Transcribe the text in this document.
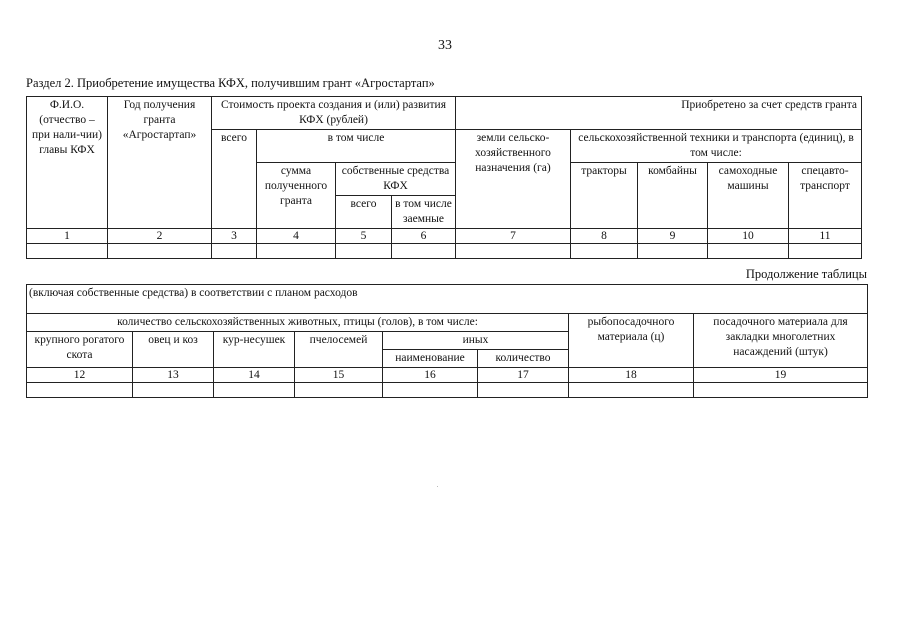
33
Раздел 2. Приобретение имущества КФХ, получившим грант «Агростартап»
Ф.И.О. (отчество – при нали-чии) главы КФХ	Год получения гранта «Агростартап»	Стоимость проекта создания и (или) развития КФХ (рублей)				Приобретено за счет средств гранта				
		всего	в том числе			земли сельско-хозяйственного назначения (га)	сельскохозяйственной техники и транспорта (единиц), в том числе:			
			сумма полученного гранта	собственные средства КФХ			тракторы	комбайны	самоходные машины	спецавто-транспорт
				всего	в том числе заемные					
1	2	3	4	5	6	7	8	9	10	11

Продолжение таблицы
(включая собственные средства) в соответствии с планом расходов							
количество сельскохозяйственных животных, птицы (голов), в том числе:						рыбопосадочного материала (ц)	посадочного материала для закладки многолетних насаждений (штук)
крупного рогатого скота	овец и коз	кур-несушек	пчелосемей	иных			
				наименование	количество		
12	13	14	15	16	17	18	19
